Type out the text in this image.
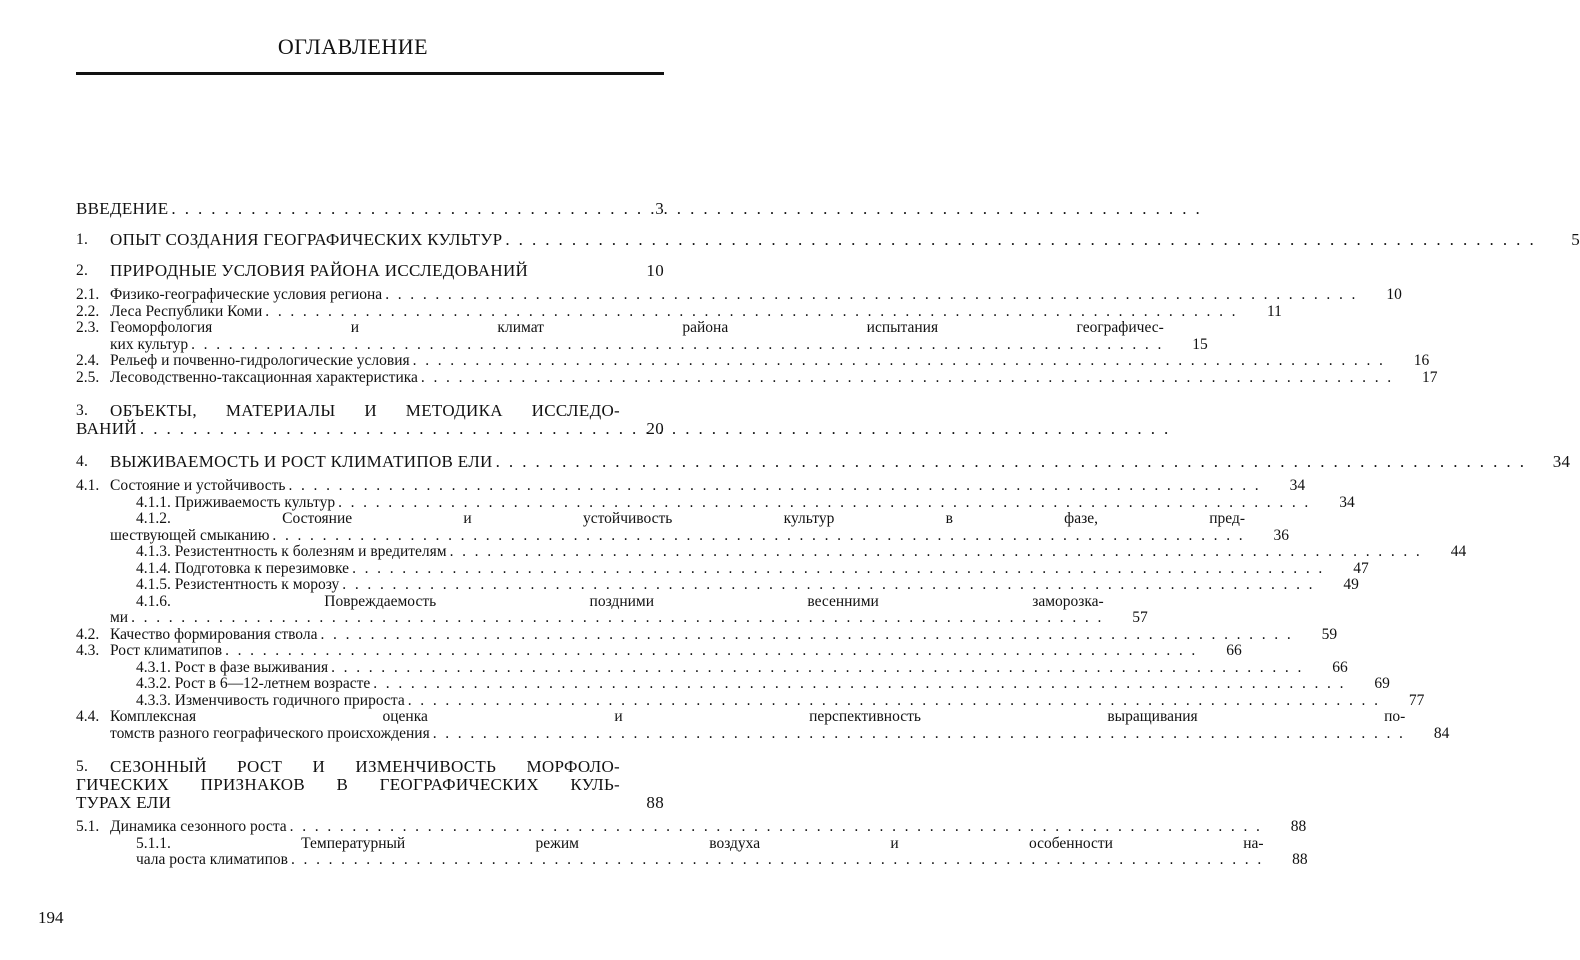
ОГЛАВЛЕНИЕ
ВВЕДЕНИЕ . . .	3
1.	ОПЫТ СОЗДАНИЯ ГЕОГРАФИЧЕСКИХ КУЛЬТУР . . .	5
2.	ПРИРОДНЫЕ УСЛОВИЯ РАЙОНА ИССЛЕДОВАНИЙ	10
2.1. Физико-географические условия региона . . .	10
2.2. Леса Республики Коми . . .	11
2.3. Геоморфология и климат района испытания географичес-
ких культур . . .	15
2.4. Рельеф и почвенно-гидрологические условия . . .	16
2.5. Лесоводственно-таксационная характеристика . . .	17
3.	ОБЪЕКТЫ, МАТЕРИАЛЫ И МЕТОДИКА ИССЛЕДО-
ВАНИЙ . . .	20
4.	ВЫЖИВАЕМОСТЬ И РОСТ КЛИМАТИПОВ ЕЛИ . . .	34
4.1. Состояние и устойчивость . . .	34
4.1.1. Приживаемость культур . . .	34
4.1.2. Состояние и устойчивость культур в фазе, пред-
шествующей смыканию . . .	36
4.1.3. Резистентность к болезням и вредителям . . .	44
4.1.4. Подготовка к перезимовке . . .	47
4.1.5. Резистентность к морозу . . .	49
4.1.6. Повреждаемость поздними весенними заморозка-
ми . . .	57
4.2. Качество формирования ствола . . .	59
4.3. Рост климатипов . . .	66
4.3.1. Рост в фазе выживания . . .	66
4.3.2. Рост в 6—12-летнем возрасте . . .	69
4.3.3. Изменчивость годичного прироста . . .	77
4.4. Комплексная оценка и перспективность выращивания по-
томств разного географического происхождения . . .	84
5.	СЕЗОННЫЙ РОСТ И ИЗМЕНЧИВОСТЬ МОРФОЛО-
ГИЧЕСКИХ ПРИЗНАКОВ В ГЕОГРАФИЧЕСКИХ КУЛЬ-
ТУРАХ ЕЛИ	88
5.1. Динамика сезонного роста . . .	88
5.1.1. Температурный режим воздуха и особенности на-
чала роста климатипов . . .	88
194
